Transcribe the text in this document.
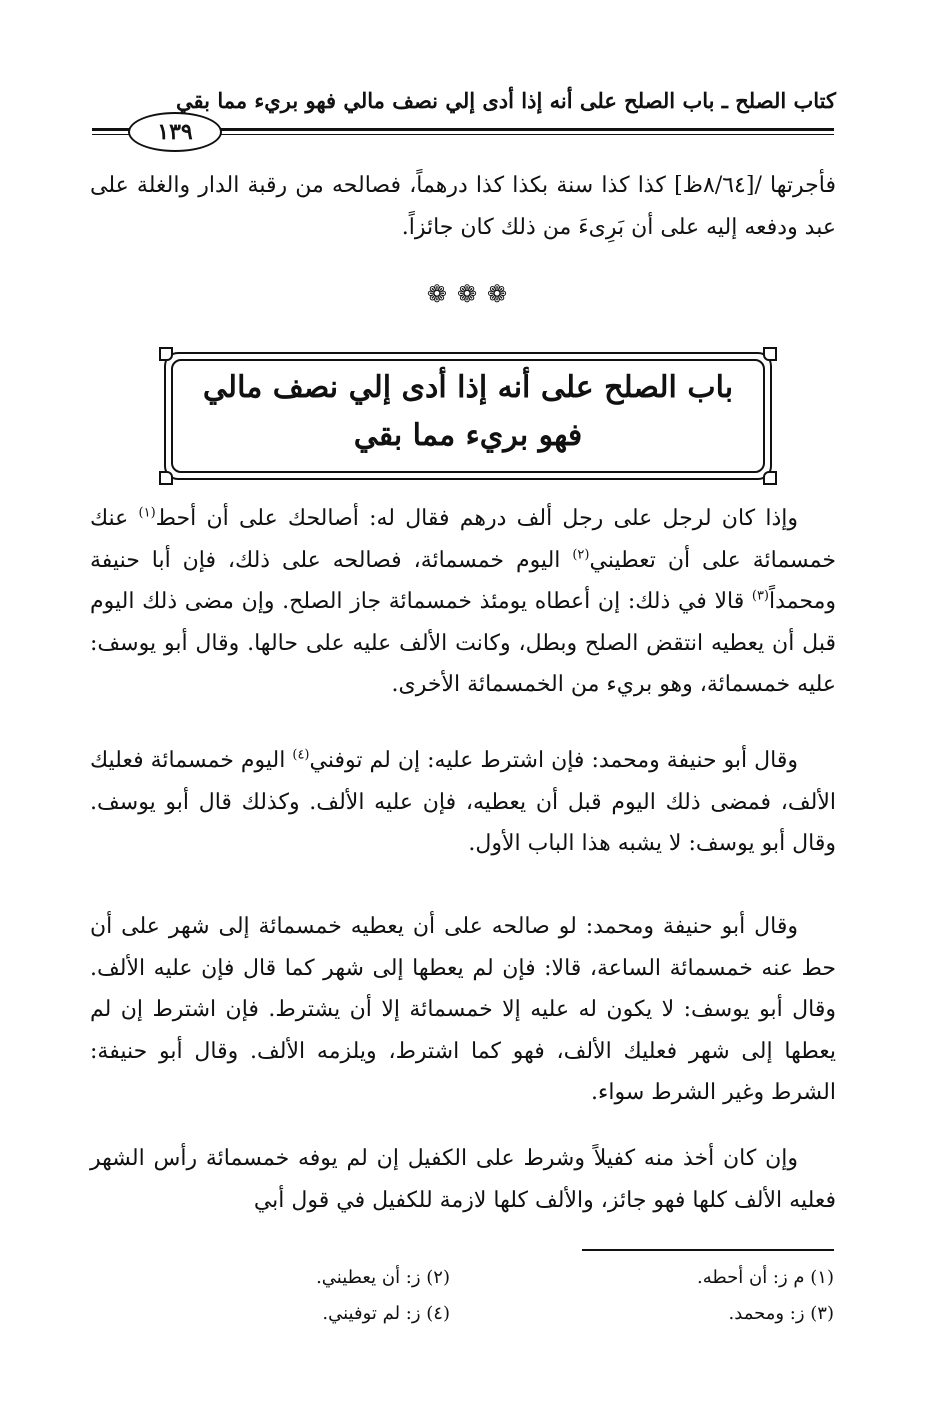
كتاب الصلح ـ باب الصلح على أنه إذا أدى إلي نصف مالي فهو بريء مما بقي
١٣٩

فأجرتها /[٨/٦٤ظ] كذا كذا سنة بكذا كذا درهماً، فصالحه من رقبة الدار والغلة على عبد ودفعه إليه على أن بَرِىءَ من ذلك كان جائزاً.

❁❁❁
باب الصلح على أنه إذا أدى إلي نصف مالي
فهو بريء مما بقي

وإذا كان لرجل على رجل ألف درهم فقال له: أصالحك على أن أحط$^{(١)}$ عنك خمسمائة على أن تعطيني$^{(٢)}$ اليوم خمسمائة، فصالحه على ذلك، فإن أبا حنيفة ومحمداً$^{(٣)}$ قالا في ذلك: إن أعطاه يومئذ خمسمائة جاز الصلح. وإن مضى ذلك اليوم قبل أن يعطيه انتقض الصلح وبطل، وكانت الألف عليه على حالها. وقال أبو يوسف: عليه خمسمائة، وهو بريء من الخمسمائة الأخرى.

وقال أبو حنيفة ومحمد: فإن اشترط عليه: إن لم توفني$^{(٤)}$ اليوم خمسمائة فعليك الألف، فمضى ذلك اليوم قبل أن يعطيه، فإن عليه الألف. وكذلك قال أبو يوسف. وقال أبو يوسف: لا يشبه هذا الباب الأول.

وقال أبو حنيفة ومحمد: لو صالحه على أن يعطيه خمسمائة إلى شهر على أن حط عنه خمسمائة الساعة، قالا: فإن لم يعطها إلى شهر كما قال فإن عليه الألف. وقال أبو يوسف: لا يكون له عليه إلا خمسمائة إلا أن يشترط. فإن اشترط إن لم يعطها إلى شهر فعليك الألف، فهو كما اشترط، ويلزمه الألف. وقال أبو حنيفة: الشرط وغير الشرط سواء.

وإن كان أخذ منه كفيلاً وشرط على الكفيل إن لم يوفه خمسمائة رأس الشهر فعليه الألف كلها فهو جائز، والألف كلها لازمة للكفيل في قول أبي

(١) م ز: أن أحطه.
(٢) ز: أن يعطيني.
(٣) ز: ومحمد.
(٤) ز: لم توفيني.
